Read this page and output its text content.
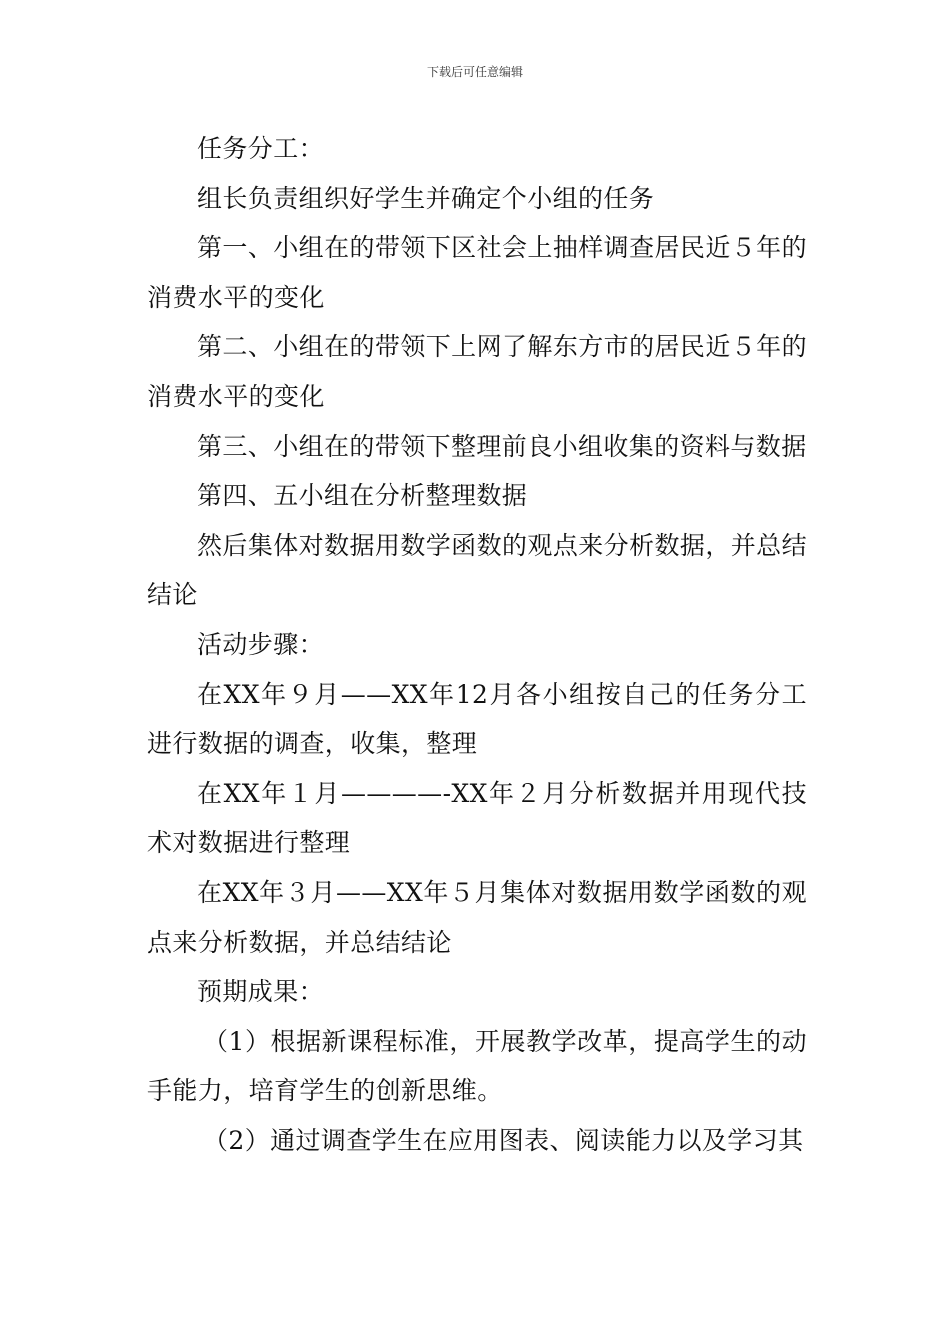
下载后可任意编辑

任务分工：

组长负责组织好学生并确定个小组的任务

第一、小组在的带领下区社会上抽样调查居民近５年的消费水平的变化

第二、小组在的带领下上网了解东方市的居民近５年的消费水平的变化

第三、小组在的带领下整理前良小组收集的资料与数据

第四、五小组在分析整理数据

然后集体对数据用数学函数的观点来分析数据，并总结结论

活动步骤：

在XX年９月——XX年12月各小组按自己的任务分工进行数据的调查，收集，整理

在XX年１月————-XX年２月分析数据并用现代技术对数据进行整理

在XX年３月——XX年５月集体对数据用数学函数的观点来分析数据，并总结结论

预期成果：

（1）根据新课程标准，开展教学改革，提高学生的动手能力，培育学生的创新思维。

（2）通过调查学生在应用图表、阅读能力以及学习其
